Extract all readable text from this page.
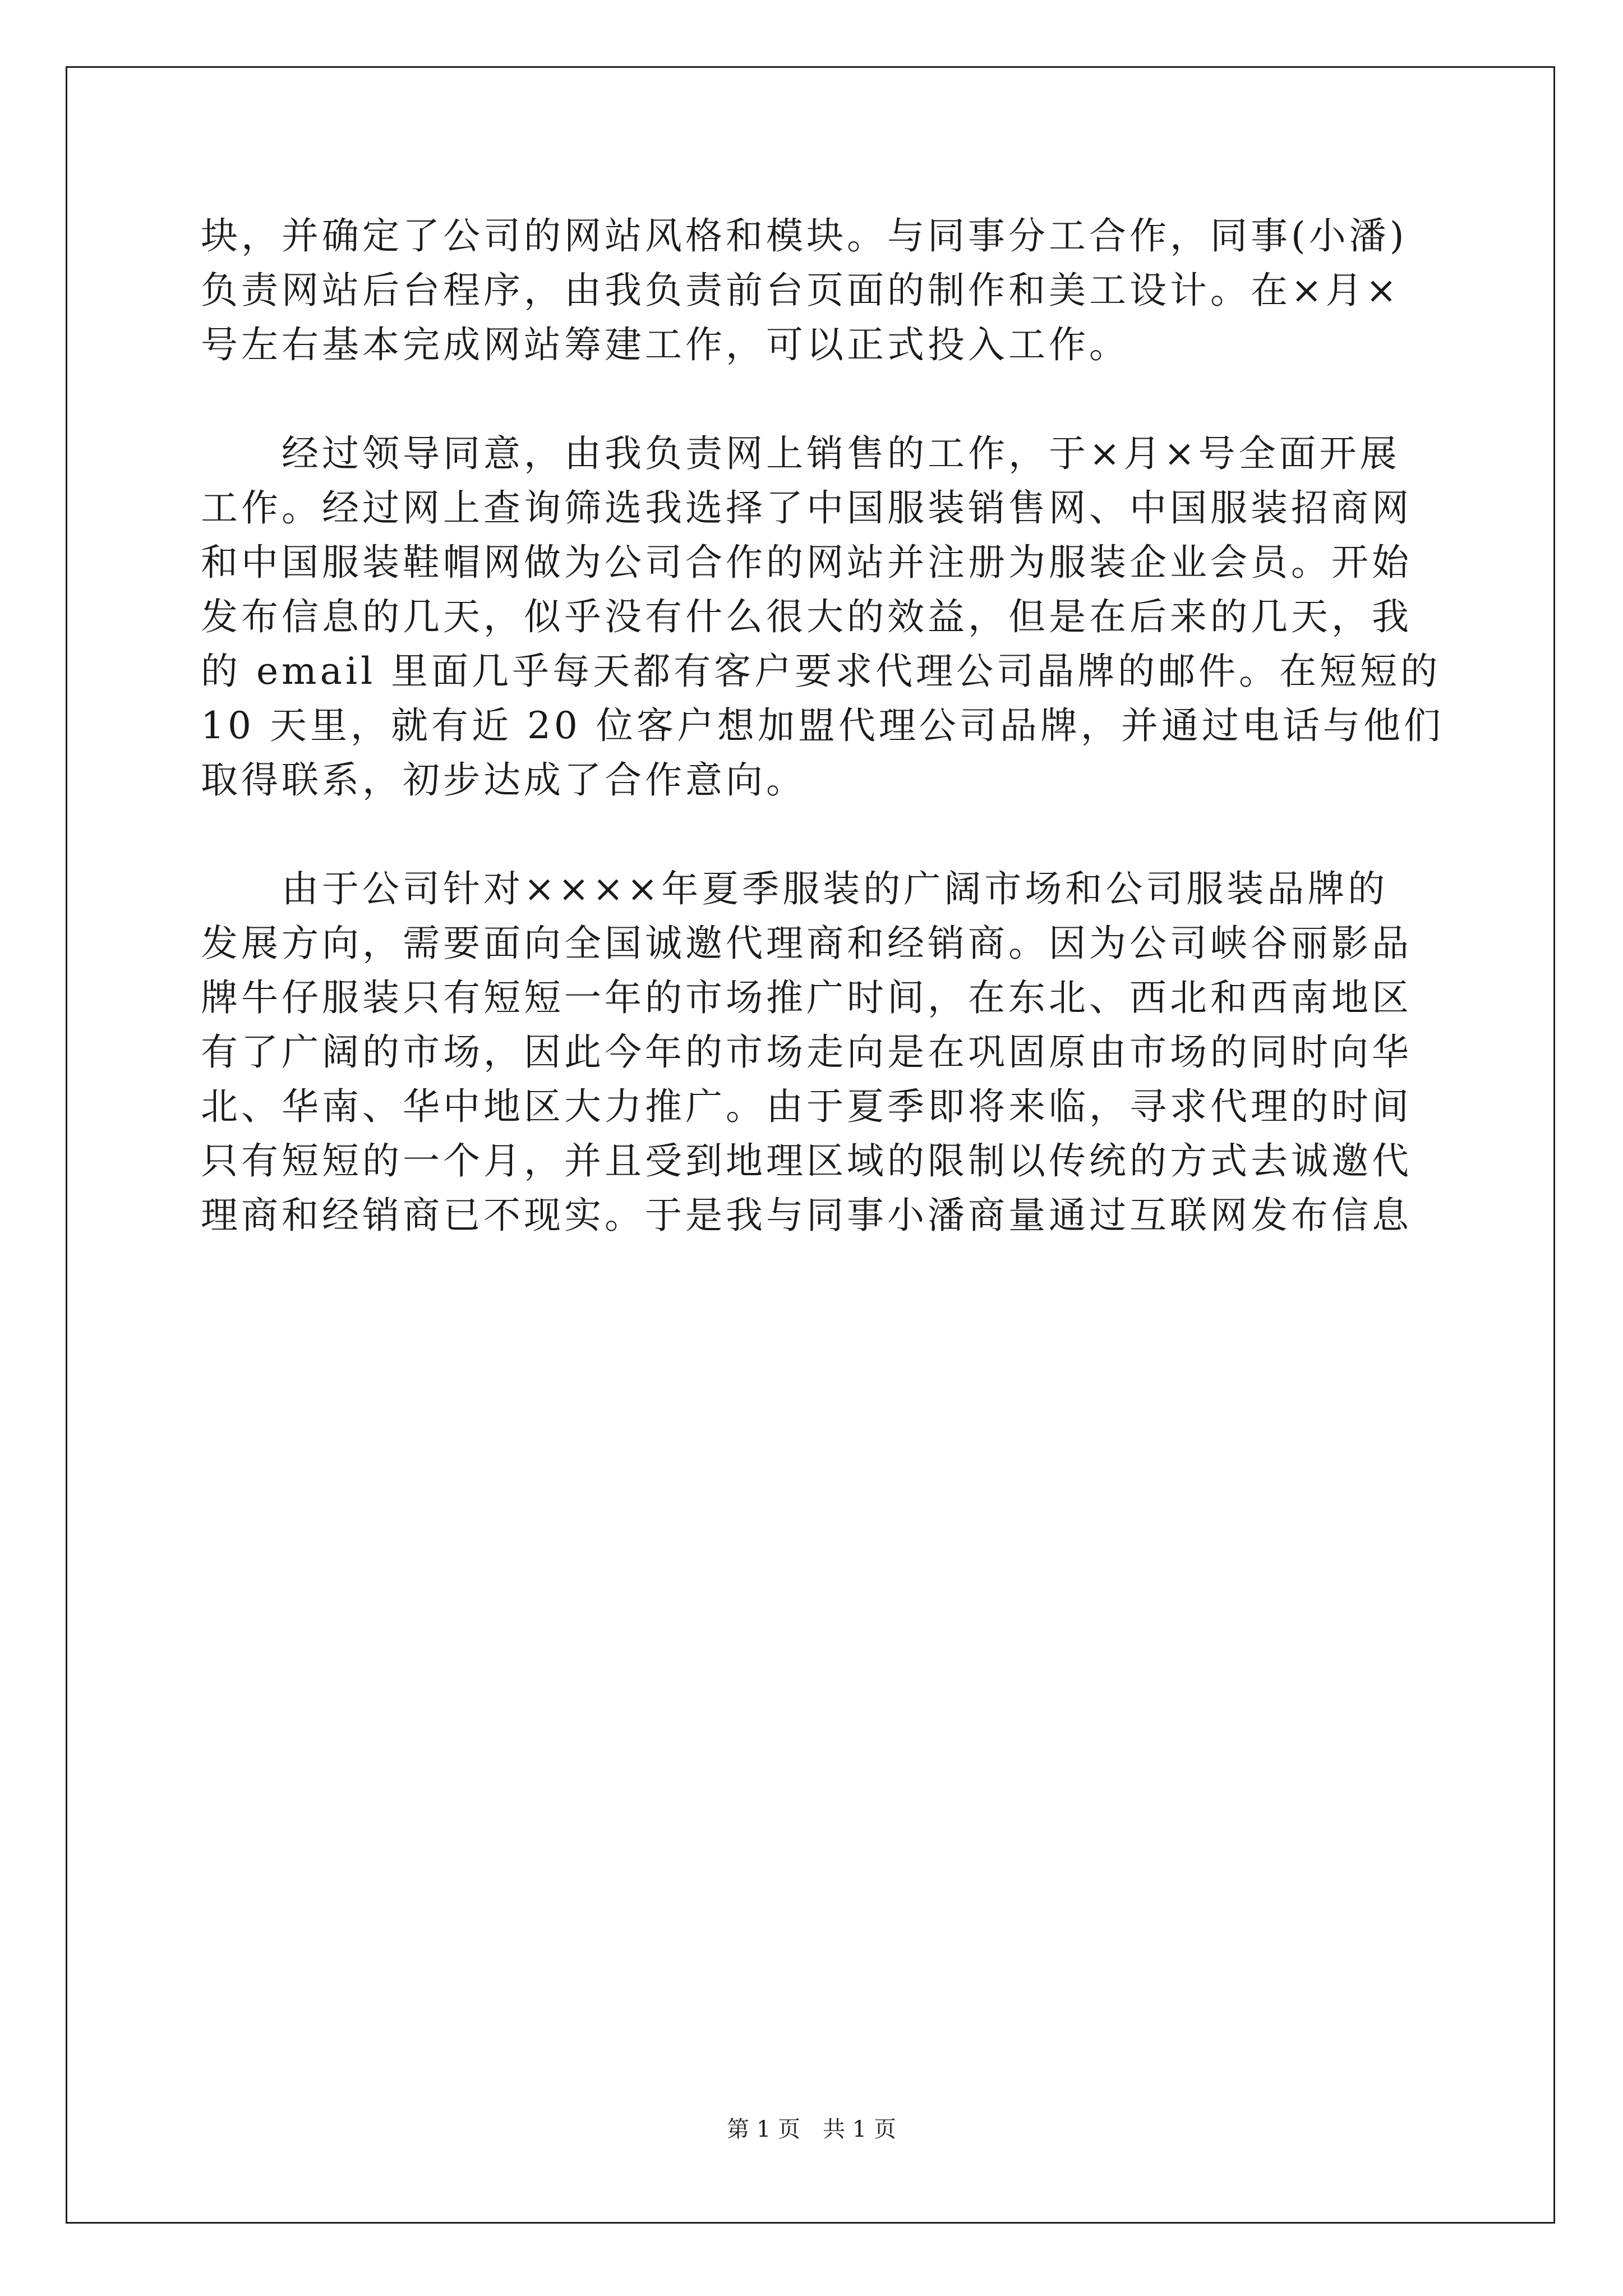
块，并确定了公司的网站风格和模块。与同事分工合作，同事(小潘)

负责网站后台程序，由我负责前台页面的制作和美工设计。在×月×

号左右基本完成网站筹建工作，可以正式投入工作。

经过领导同意，由我负责网上销售的工作，于×月×号全面开展

工作。经过网上查询筛选我选择了中国服装销售网、中国服装招商网

和中国服装鞋帽网做为公司合作的网站并注册为服装企业会员。开始

发布信息的几天，似乎没有什么很大的效益，但是在后来的几天，我

的 email 里面几乎每天都有客户要求代理公司晶牌的邮件。在短短的

10 天里，就有近 20 位客户想加盟代理公司品牌，并通过电话与他们

取得联系，初步达成了合作意向。

由于公司针对××××年夏季服装的广阔市场和公司服装品牌的

发展方向，需要面向全国诚邀代理商和经销商。因为公司峡谷丽影品

牌牛仔服装只有短短一年的市场推广时间，在东北、西北和西南地区

有了广阔的市场，因此今年的市场走向是在巩固原由市场的同时向华

北、华南、华中地区大力推广。由于夏季即将来临，寻求代理的时间

只有短短的一个月，并且受到地理区域的限制以传统的方式去诚邀代

理商和经销商已不现实。于是我与同事小潘商量通过互联网发布信息

第 1 页 共 1 页
